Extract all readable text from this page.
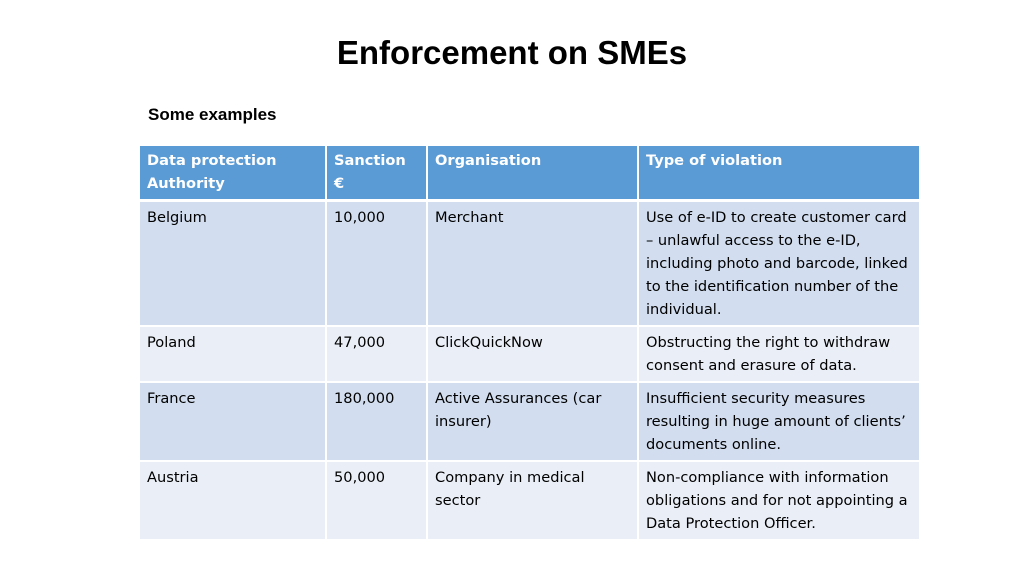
Enforcement on SMEs
Some examples
Data protection Authority	Sanction €	Organisation	Type of violation
Belgium	10,000	Merchant	Use of e-ID to create customer card – unlawful access to the e-ID, including photo and barcode, linked to the identification number of the individual.
Poland	47,000	ClickQuickNow	Obstructing the right to withdraw consent and erasure of data.
France	180,000	Active Assurances (car insurer)	Insufficient security measures resulting in huge amount of clients’ documents online.
Austria	50,000	Company in medical sector	Non-compliance with information obligations and for not appointing a Data Protection Officer.
